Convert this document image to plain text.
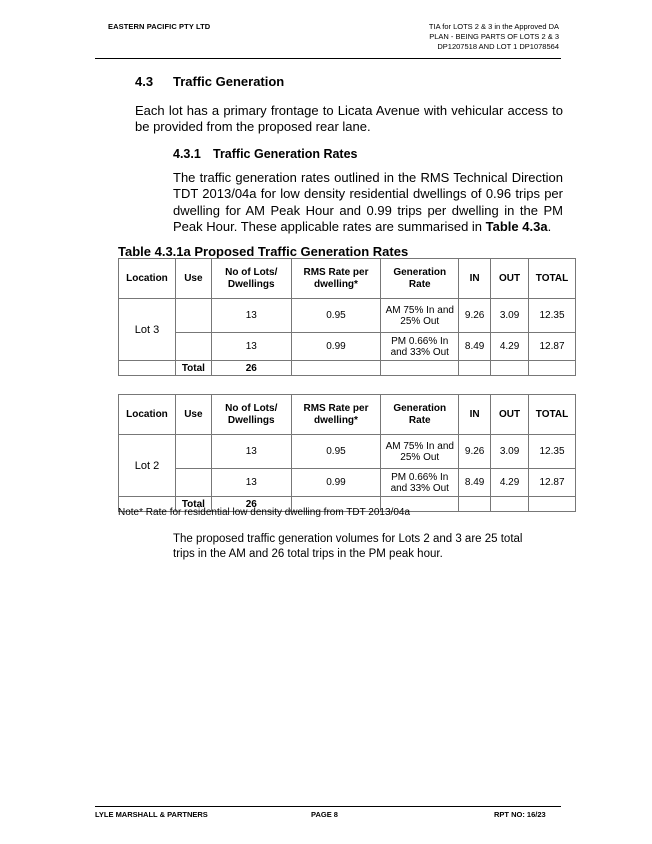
EASTERN PACIFIC PTY LTD	TIA for LOTS 2 & 3 in the Approved DA
PLAN - BEING PARTS OF LOTS 2 & 3
DP1207518 AND LOT 1 DP1078564
4.3 Traffic Generation

Each lot has a primary frontage to Licata Avenue with vehicular access to be provided from the proposed rear lane.

4.3.1 Traffic Generation Rates

The traffic generation rates outlined in the RMS Technical Direction TDT 2013/04a for low density residential dwellings of 0.96 trips per dwelling for AM Peak Hour and 0.99 trips per dwelling in the PM Peak Hour. These applicable rates are summarised in Table 4.3a.

Table 4.3.1a Proposed Traffic Generation Rates
Location	Use	No of Lots/ Dwellings	RMS Rate per dwelling*	Generation Rate	IN	OUT	TOTAL
Lot 3		13	0.95	AM 75% In and 25% Out	9.26	3.09	12.35
		13	0.99	PM 0.66% In and 33% Out	8.49	4.29	12.87
	Total	26					
Location	Use	No of Lots/ Dwellings	RMS Rate per dwelling*	Generation Rate	IN	OUT	TOTAL
Lot 2		13	0.95	AM 75% In and 25% Out	9.26	3.09	12.35
		13	0.99	PM 0.66% In and 33% Out	8.49	4.29	12.87
	Total	26					
Note* Rate for residential low density dwelling from TDT 2013/04a

The proposed traffic generation volumes for Lots 2 and 3 are 25 total trips in the AM and 26 total trips in the PM peak hour.

LYLE MARSHALL & PARTNERS	PAGE 8	RPT NO: 16/23
